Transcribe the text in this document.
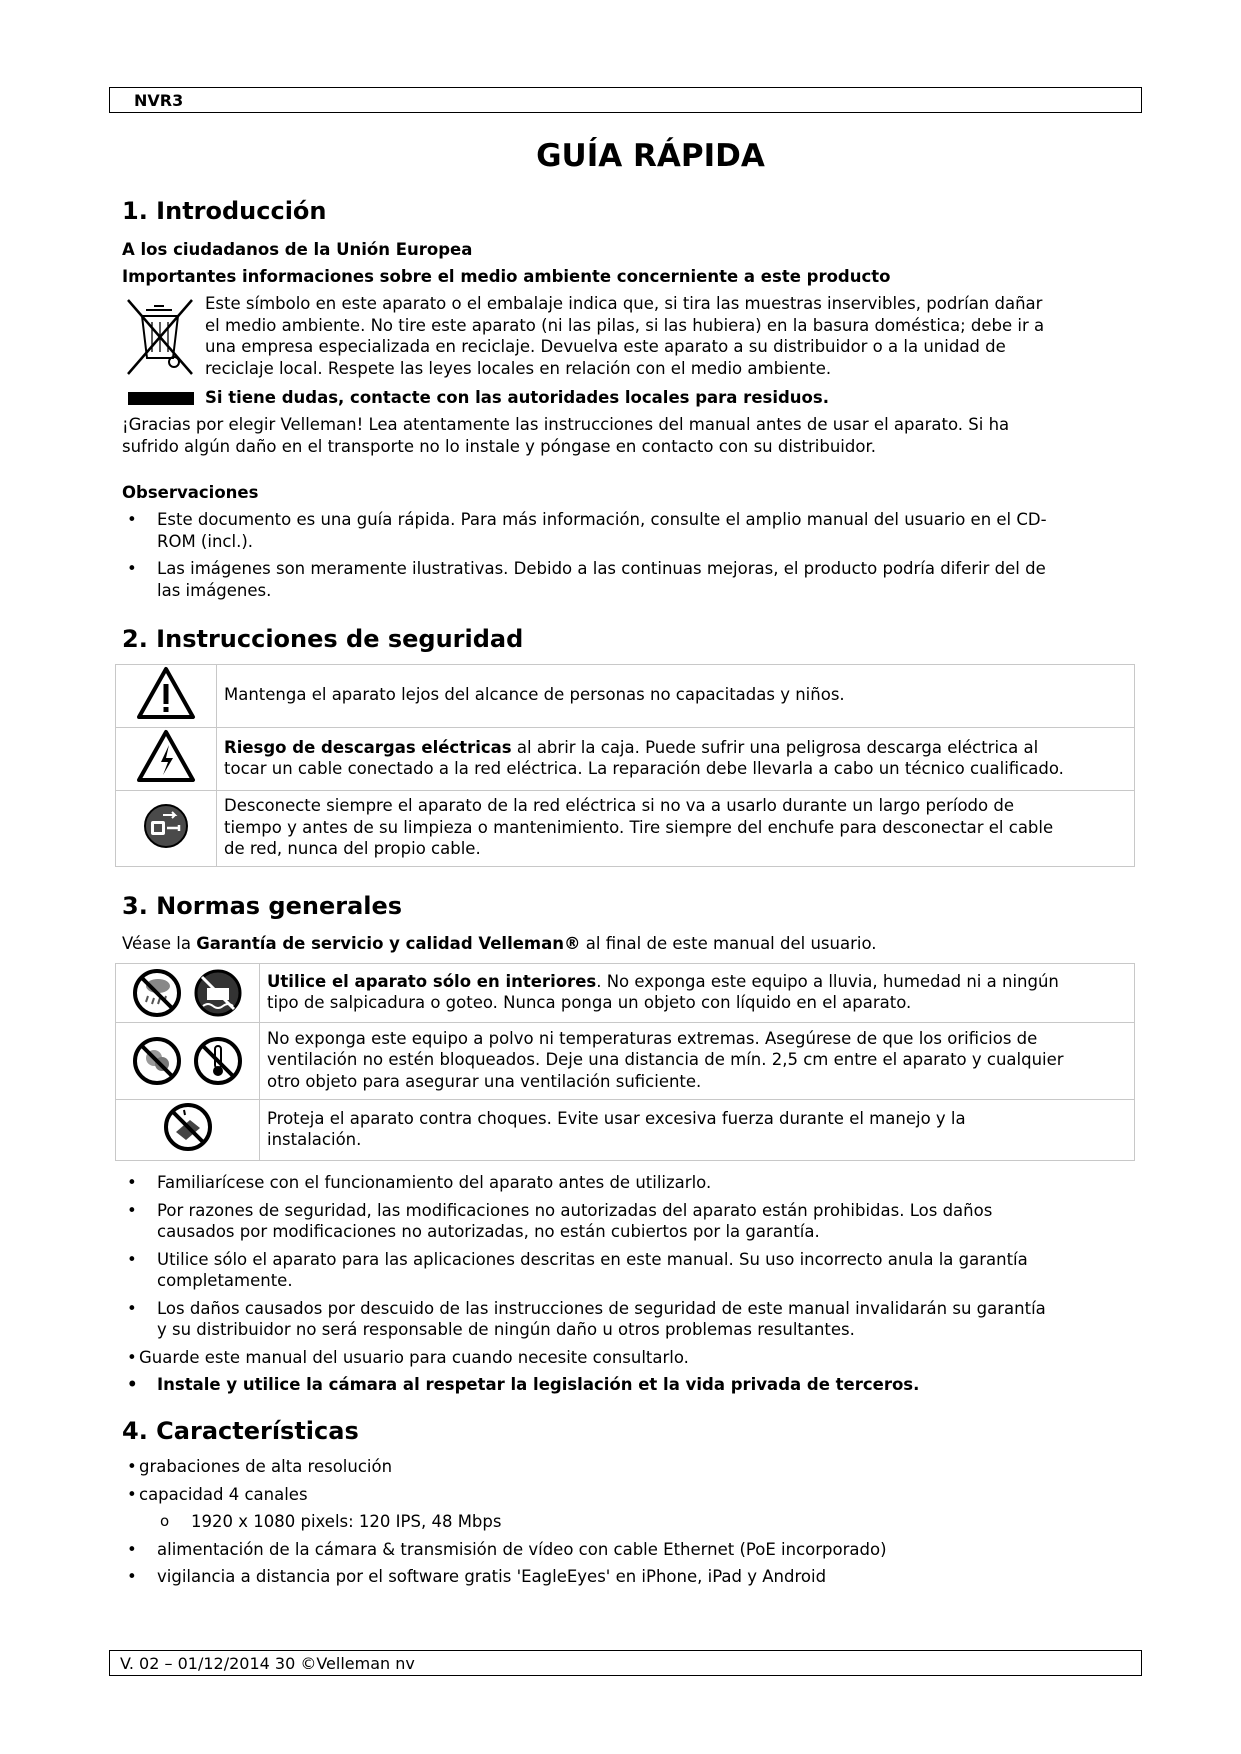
NVR3
GUÍA RÁPIDA
1. Introducción
A los ciudadanos de la Unión Europea
Importantes informaciones sobre el medio ambiente concerniente a este producto
Este símbolo en este aparato o el embalaje indica que, si tira las muestras inservibles, podrían dañar
el medio ambiente. No tire este aparato (ni las pilas, si las hubiera) en la basura doméstica; debe ir a
una empresa especializada en reciclaje. Devuelva este aparato a su distribuidor o a la unidad de
reciclaje local. Respete las leyes locales en relación con el medio ambiente.
Si tiene dudas, contacte con las autoridades locales para residuos.
¡Gracias por elegir Velleman! Lea atentamente las instrucciones del manual antes de usar el aparato. Si ha
sufrido algún daño en el transporte no lo instale y póngase en contacto con su distribuidor.
Observaciones
• Este documento es una guía rápida. Para más información, consulte el amplio manual del usuario en el CD-
ROM (incl.).
• Las imágenes son meramente ilustrativas. Debido a las continuas mejoras, el producto podría diferir del de
las imágenes.
2. Instrucciones de seguridad

Mantenga el aparato lejos del alcance de personas no capacitadas y niños.

Riesgo de descargas eléctricas al abrir la caja. Puede sufrir una peligrosa descarga eléctrica al
tocar un cable conectado a la red eléctrica. La reparación debe llevarla a cabo un técnico cualificado.

Desconecte siempre el aparato de la red eléctrica si no va a usarlo durante un largo período de
tiempo y antes de su limpieza o mantenimiento. Tire siempre del enchufe para desconectar el cable
de red, nunca del propio cable.
3. Normas generales
Véase la Garantía de servicio y calidad Velleman® al final de este manual del usuario.

Utilice el aparato sólo en interiores. No exponga este equipo a lluvia, humedad ni a ningún
tipo de salpicadura o goteo. Nunca ponga un objeto con líquido en el aparato.

No exponga este equipo a polvo ni temperaturas extremas. Asegúrese de que los orificios de
ventilación no estén bloqueados. Deje una distancia de mín. 2,5 cm entre el aparato y cualquier
otro objeto para asegurar una ventilación suficiente.

Proteja el aparato contra choques. Evite usar excesiva fuerza durante el manejo y la
instalación.
• Familiarícese con el funcionamiento del aparato antes de utilizarlo.
• Por razones de seguridad, las modificaciones no autorizadas del aparato están prohibidas. Los daños
causados por modificaciones no autorizadas, no están cubiertos por la garantía.
• Utilice sólo el aparato para las aplicaciones descritas en este manual. Su uso incorrecto anula la garantía
completamente.
• Los daños causados por descuido de las instrucciones de seguridad de este manual invalidarán su garantía
y su distribuidor no será responsable de ningún daño u otros problemas resultantes.
• Guarde este manual del usuario para cuando necesite consultarlo.
• Instale y utilice la cámara al respetar la legislación et la vida privada de terceros.
4. Características
• grabaciones de alta resolución
• capacidad 4 canales
o 1920 x 1080 pixels: 120 IPS, 48 Mbps
• alimentación de la cámara & transmisión de vídeo con cable Ethernet (PoE incorporado)
• vigilancia a distancia por el software gratis 'EagleEyes' en iPhone, iPad y Android
V. 02 – 01/12/2014 30 ©Velleman nv
